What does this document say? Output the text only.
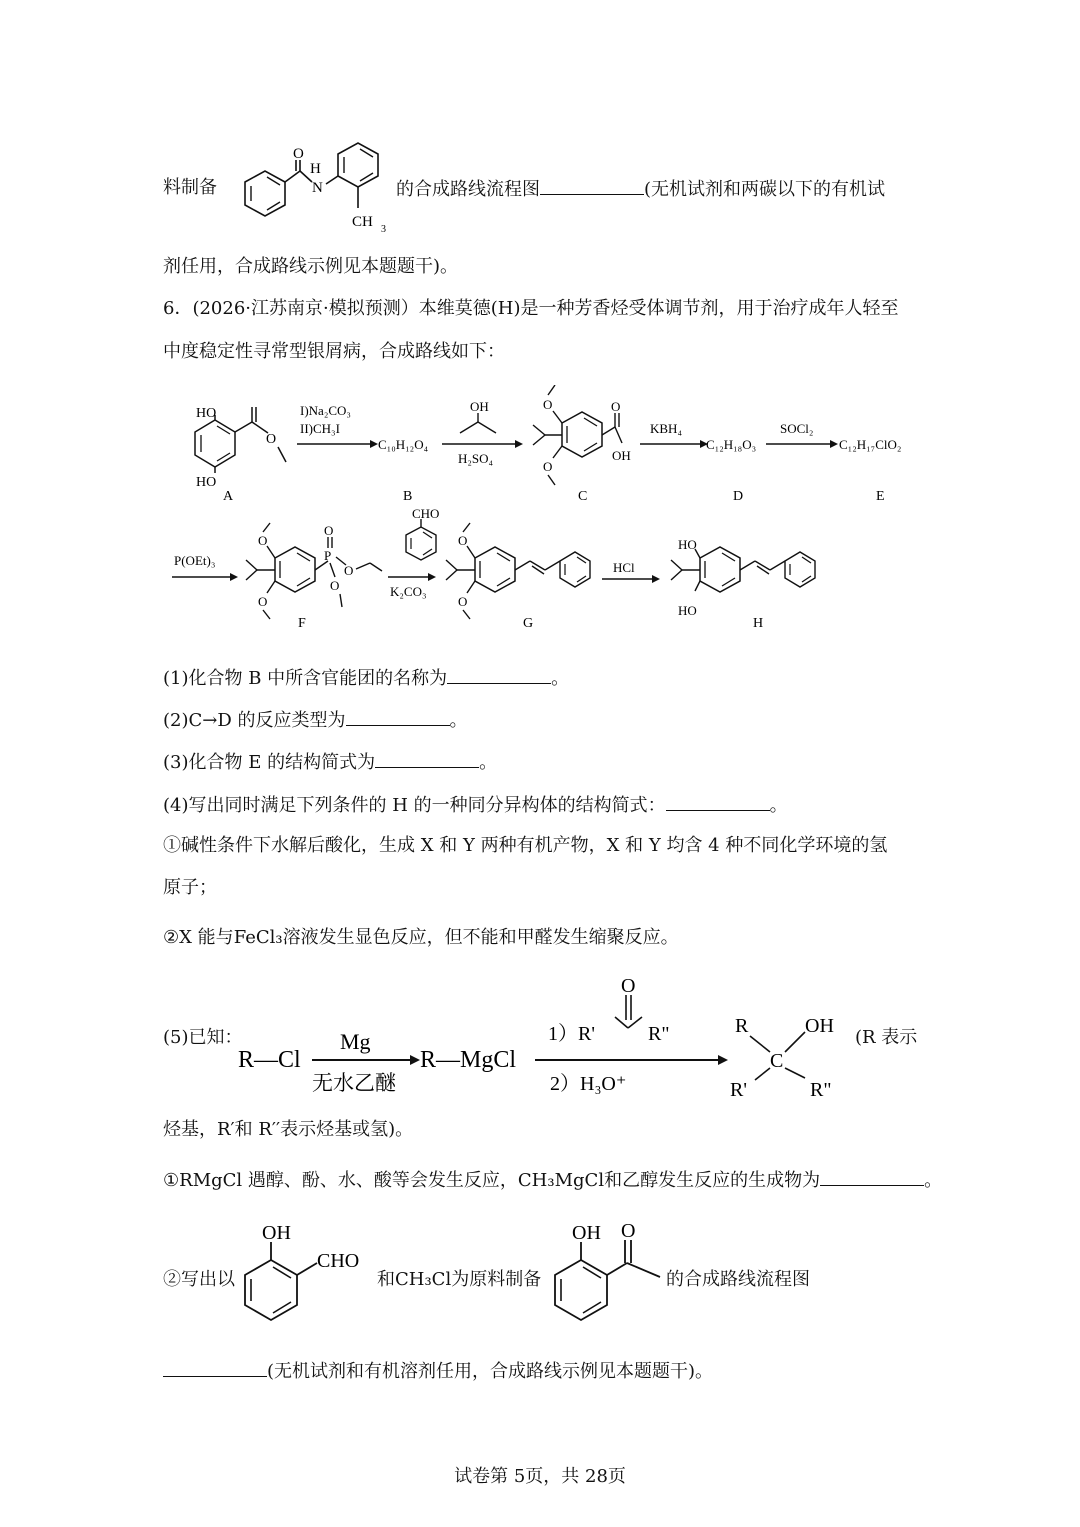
料制备
O
H
N
CH 3
的合成路线流程图	(无机试剂和两碳以下的有机试
剂任用，合成路线示例见本题题干)。
6．(2026·江苏南京·模拟预测）本维莫德(H)是一种芳香烃受体调节剂，用于治疗成年人轻至
中度稳定性寻常型银屑病，合成路线如下：
HO
HO
O
A
I)Na₂CO₃
II)CH₃I
C₁₀H₁₂O₄
B
OH
H₂SO₄
O
O
O
OH
C
KBH₄
C₁₂H₁₈O₃
D
SOCl₂
C₁₂H₁₇ClO₂
E
P(OEt)₃
O
O
P
O
O
O
F
CHO
K₂CO₃
O
O
G
HCl
HO
HO
H
(1)化合物 B 中所含官能团的名称为	。
(2)C→D 的反应类型为	。
(3)化合物 E 的结构简式为	。
(4)写出同时满足下列条件的 H 的一种同分异构体的结构简式：	。
①碱性条件下水解后酸化，生成 X 和 Y 两种有机产物，X 和 Y 均含 4 种不同化学环境的氢
原子；
②X 能与FeCl₃溶液发生显色反应，但不能和甲醛发生缩聚反应。
(5)已知：
R—Cl
Mg
无水乙醚
R—MgCl
1）R'
O
R"
2）H₃O⁺
R	OH
C
R'	R"
(R 表示
烃基，R′和 R′′表示烃基或氢)。
①RMgCl 遇醇、酚、水、酸等会发生反应，CH₃MgCl和乙醇发生反应的生成物为	。
②写出以
OH
CHO
和CH₃Cl为原料制备
OH O
的合成路线流程图
(无机试剂和有机溶剂任用，合成路线示例见本题题干)。
试卷第 5页，共 28页
